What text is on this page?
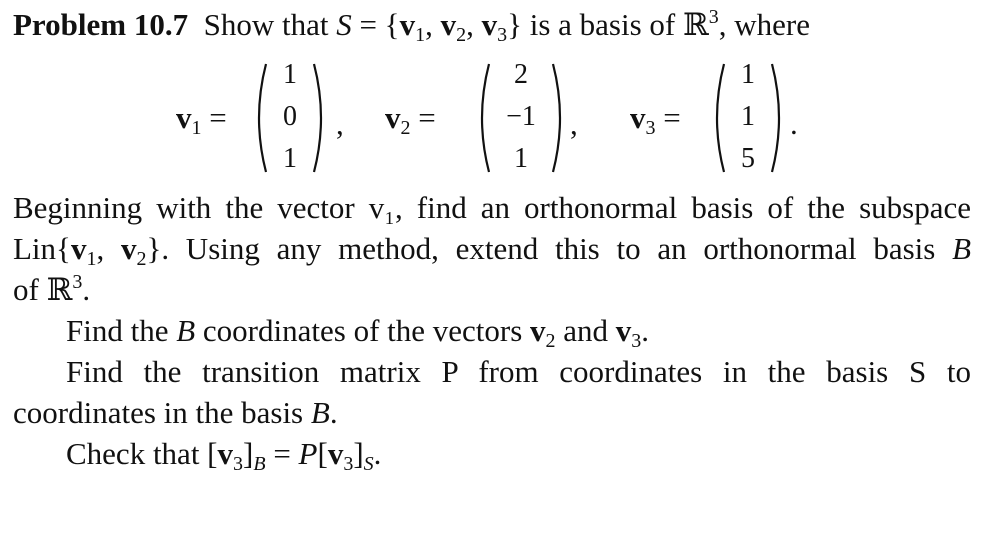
Problem 10.7 Show that $S = \{v_1$, $v_2$, $v_3$} is a basis of ℝ$^3$, where
$v_1$ =
1
0
1
, $v_2$ =
2
−1
1
, $v_3$ =
1
1
5
.
Beginning with the vector v₁, find an orthonormal basis of the subspace
$Lin\{v_1$, $v_2$}. Using any method, extend this to an orthonormal basis B
of ℝ$^3$.
Find the B coordinates of the vectors $v_2$ and $v_3$.
Find the transition matrix P from coordinates in the basis S to
coordinates in the basis B.
Check that $[v_3]_B = P[v_3]_S$.
